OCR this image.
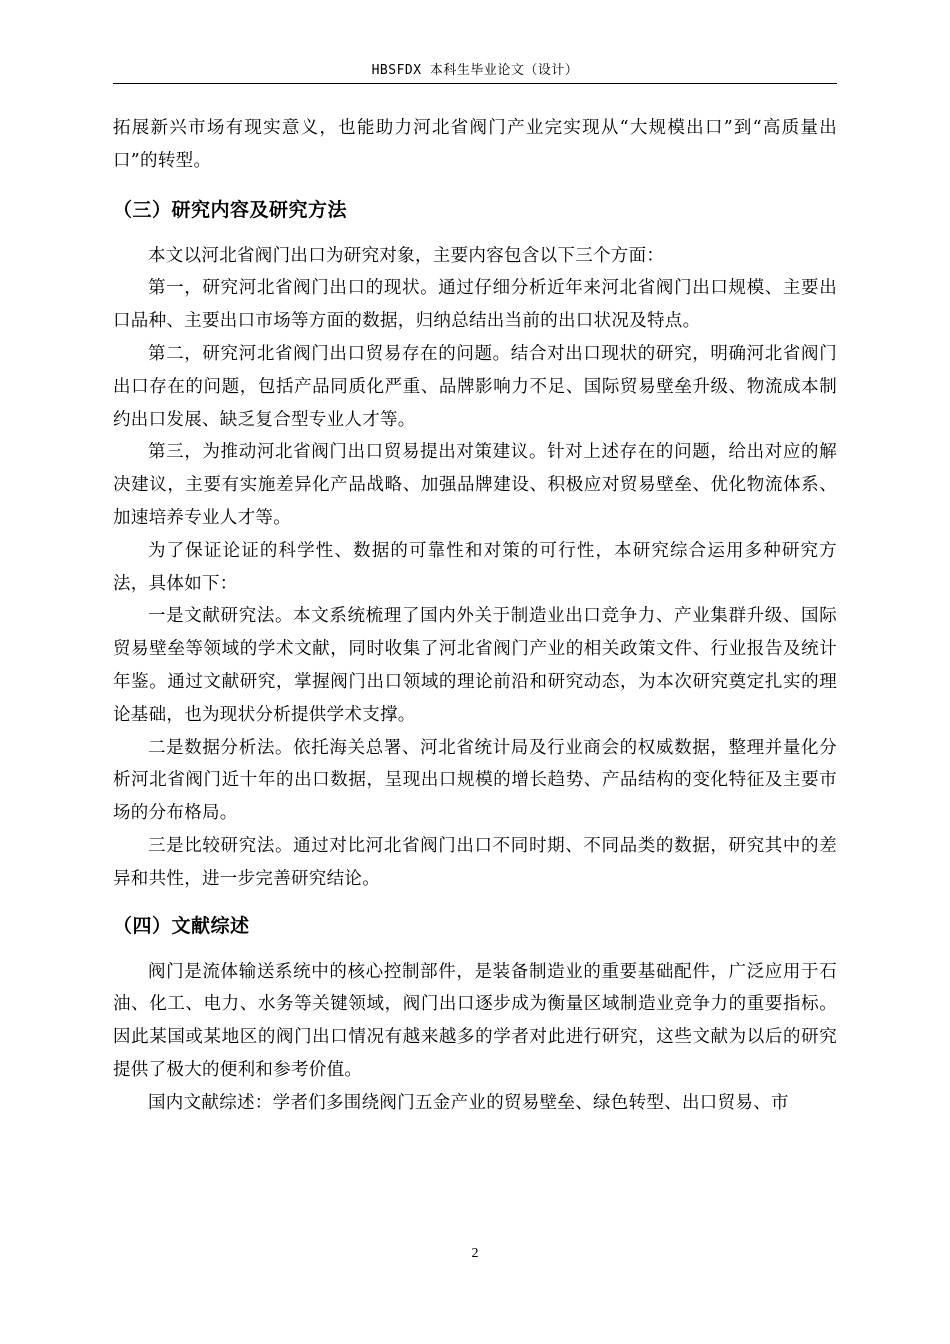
HBSFDX 本科生毕业论文（设计）

拓展新兴市场有现实意义，也能助力河北省阀门产业完实现从“大规模出口”到“高质量出口”的转型。

（三）研究内容及研究方法

本文以河北省阀门出口为研究对象，主要内容包含以下三个方面：

第一，研究河北省阀门出口的现状。通过仔细分析近年来河北省阀门出口规模、主要出口品种、主要出口市场等方面的数据，归纳总结出当前的出口状况及特点。

第二，研究河北省阀门出口贸易存在的问题。结合对出口现状的研究，明确河北省阀门出口存在的问题，包括产品同质化严重、品牌影响力不足、国际贸易壁垒升级、物流成本制约出口发展、缺乏复合型专业人才等。

第三，为推动河北省阀门出口贸易提出对策建议。针对上述存在的问题，给出对应的解决建议，主要有实施差异化产品战略、加强品牌建设、积极应对贸易壁垒、优化物流体系、加速培养专业人才等。

为了保证论证的科学性、数据的可靠性和对策的可行性，本研究综合运用多种研究方法，具体如下：

一是文献研究法。本文系统梳理了国内外关于制造业出口竞争力、产业集群升级、国际贸易壁垒等领域的学术文献，同时收集了河北省阀门产业的相关政策文件、行业报告及统计年鉴。通过文献研究，掌握阀门出口领域的理论前沿和研究动态，为本次研究奠定扎实的理论基础，也为现状分析提供学术支撑。

二是数据分析法。依托海关总署、河北省统计局及行业商会的权威数据，整理并量化分析河北省阀门近十年的出口数据，呈现出口规模的增长趋势、产品结构的变化特征及主要市场的分布格局。

三是比较研究法。通过对比河北省阀门出口不同时期、不同品类的数据，研究其中的差异和共性，进一步完善研究结论。

（四）文献综述

阀门是流体输送系统中的核心控制部件，是装备制造业的重要基础配件，广泛应用于石油、化工、电力、水务等关键领域，阀门出口逐步成为衡量区域制造业竞争力的重要指标。因此某国或某地区的阀门出口情况有越来越多的学者对此进行研究，这些文献为以后的研究提供了极大的便利和参考价值。

国内文献综述：学者们多围绕阀门五金产业的贸易壁垒、绿色转型、出口贸易、市

2
